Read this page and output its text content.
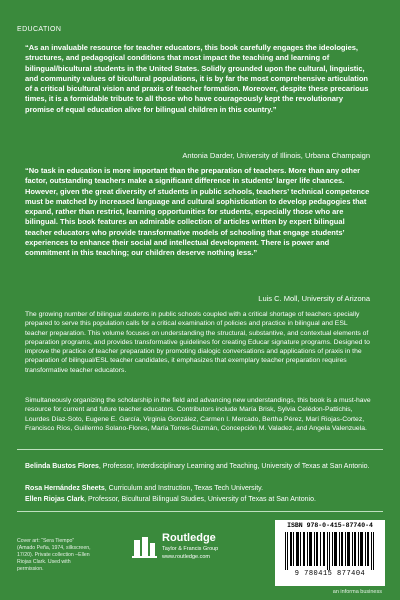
EDUCATION
“As an invaluable resource for teacher educators, this book carefully engages the ideologies, structures, and pedagogical conditions that most impact the teaching and learning of bilingual/bicultural students in the United States. Solidly grounded upon the cultural, linguistic, and community values of bicultural populations, it is by far the most comprehensive articulation of a critical bicultural vision and praxis of teacher formation. Moreover, despite these precarious times, it is a formidable tribute to all those who have courageously kept the revolutionary promise of equal education alive for bilingual children in this country.”
Antonia Darder, University of Illinois, Urbana Champaign
“No task in education is more important than the preparation of teachers. More than any other factor, outstanding teachers make a significant difference in students’ larger life chances. However, given the great diversity of students in public schools, teachers’ technical competence must be matched by increased language and cultural sophistication to develop pedagogies that expand, rather than restrict, learning opportunities for students, especially those who are bilingual. This book features an admirable collection of articles written by expert bilingual teacher educators who provide transformative models of schooling that engage students’ experiences to enhance their social and intellectual development. There is power and commitment in this teaching; our children deserve nothing less.”
Luis C. Moll, University of Arizona
The growing number of bilingual students in public schools coupled with a critical shortage of teachers specially prepared to serve this population calls for a critical examination of policies and practice in bilingual and ESL teacher preparation. This volume focuses on understanding the structural, substantive, and contextual elements of preparation programs, and provides transformative guidelines for creating Educar signature programs. Designed to improve the practice of teacher preparation by promoting dialogic conversations and applications of praxis in the preparation of bilingual/ESL teacher candidates, it emphasizes that exemplary teacher preparation requires transformative teacher educators.
Simultaneously organizing the scholarship in the field and advancing new understandings, this book is a must-have resource for current and future teacher educators. Contributors include María Brisk, Sylvia Celédon-Pattichis, Lourdes Díaz-Soto, Eugene E. García, Virginia González, Carmen I. Mercado, Bertha Pérez, Marí Riojas-Cortez, Francisco Ríos, Guillermo Solano-Flores, María Torres-Guzmán, Concepción M. Valadez, and Angela Valenzuela.
Belinda Bustos Flores, Professor, Interdisciplinary Learning and Teaching, University of Texas at San Antonio.
Rosa Hernández Sheets, Curriculum and Instruction, Texas Tech University.
Ellen Riojas Clark, Professor, Bicultural Bilingual Studies, University of Texas at San Antonio.
Cover art: “Sera Tiempo” (Amado Peña, 1974, silkscreen, 17/20). Private collection –Ellen Riojas Clark. Used with permission.
Routledge
Taylor & Francis Group
www.routledge.com
ISBN 978-0-415-87740-4
9 780415 877404
an informa business
